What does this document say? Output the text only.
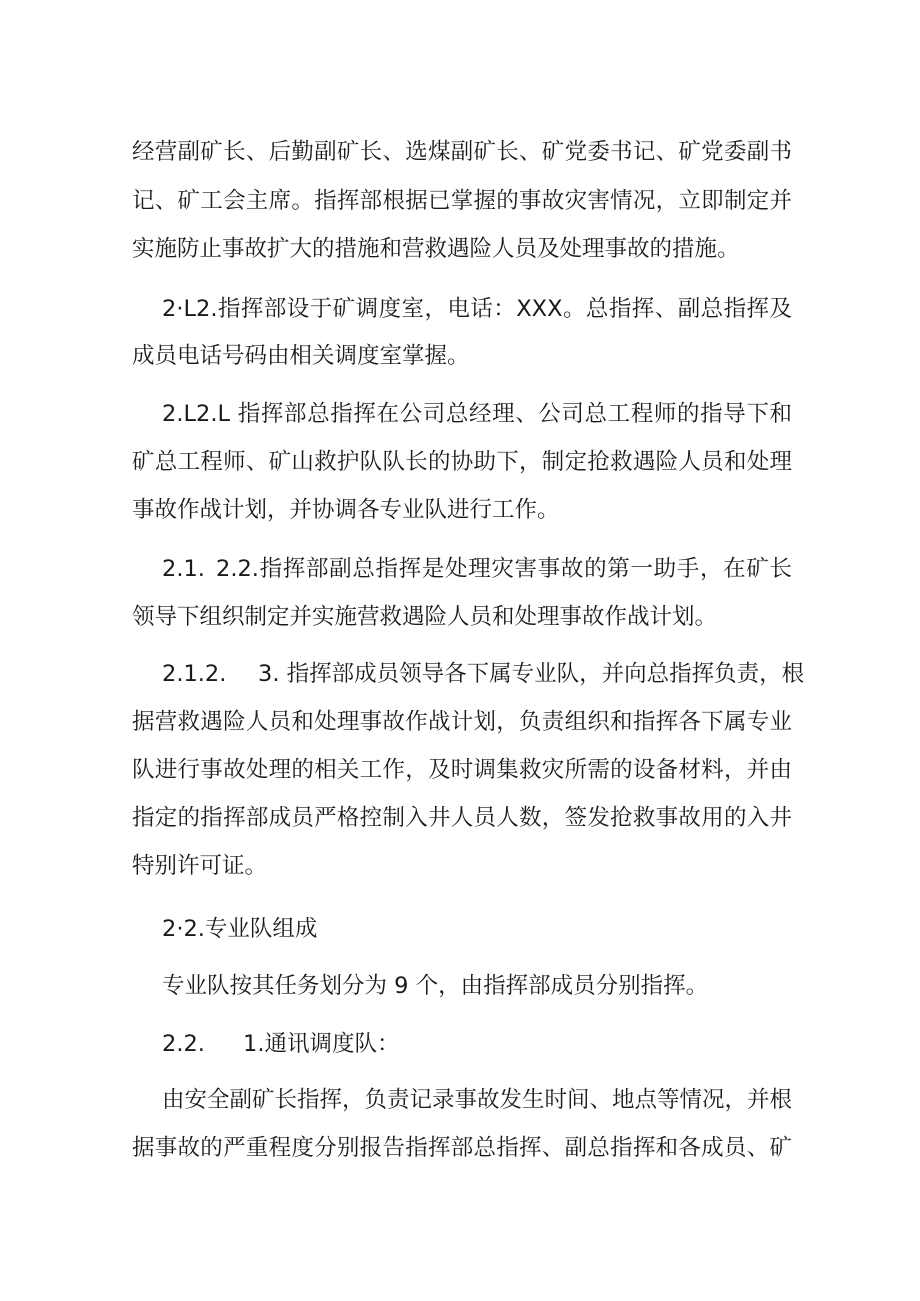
经营副矿长、后勤副矿长、选煤副矿长、矿党委书记、矿党委副书
记、矿工会主席。指挥部根据已掌握的事故灾害情况，立即制定并
实施防止事故扩大的措施和营救遇险人员及处理事故的措施。
2·L2.指挥部设于矿调度室，电话：XXX。总指挥、副总指挥及
成员电话号码由相关调度室掌握。
2.L2.L 指挥部总指挥在公司总经理、公司总工程师的指导下和
矿总工程师、矿山救护队队长的协助下，制定抢救遇险人员和处理
事故作战计划，并协调各专业队进行工作。
2.1. 2.2.指挥部副总指挥是处理灾害事故的第一助手，在矿长
领导下组织制定并实施营救遇险人员和处理事故作战计划。
2.1.2. 3. 指挥部成员领导各下属专业队，并向总指挥负责，根
据营救遇险人员和处理事故作战计划，负责组织和指挥各下属专业
队进行事故处理的相关工作，及时调集救灾所需的设备材料，并由
指定的指挥部成员严格控制入井人员人数，签发抢救事故用的入井
特别许可证。
2·2.专业队组成
专业队按其任务划分为 9 个，由指挥部成员分别指挥。
2.2. 1.通讯调度队：
由安全副矿长指挥，负责记录事故发生时间、地点等情况，并根
据事故的严重程度分别报告指挥部总指挥、副总指挥和各成员、矿
